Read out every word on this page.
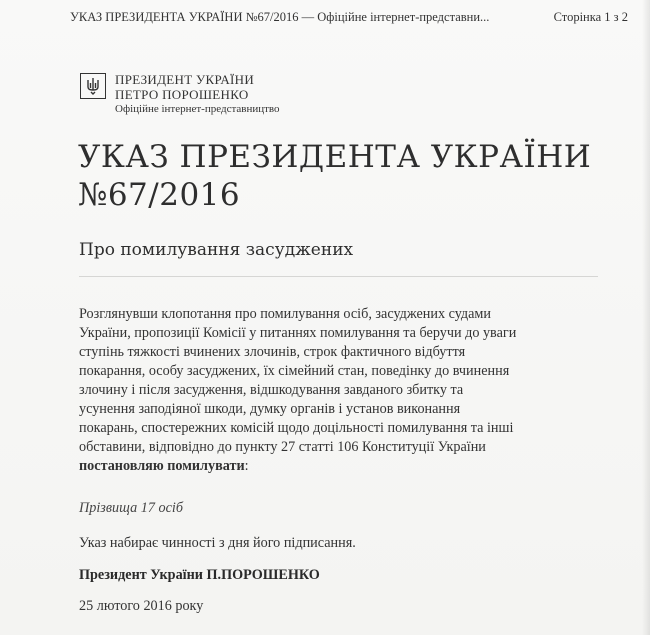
УКАЗ ПРЕЗИДЕНТА УКРАЇНИ №67/2016 — Офіційне інтернет-представни...	Сторінка 1 з 2
ПРЕЗИДЕНТ УКРАЇНИ
ПЕТРО ПОРОШЕНКО
Офіційне інтернет-представництво
УКАЗ ПРЕЗИДЕНТА УКРАЇНИ
№67/2016
Про помилування засуджених
Розглянувши клопотання про помилування осіб, засуджених судами
України, пропозиції Комісії у питаннях помилування та беручи до уваги
ступінь тяжкості вчинених злочинів, строк фактичного відбуття
покарання, особу засуджених, їх сімейний стан, поведінку до вчинення
злочину і після засудження, відшкодування завданого збитку та
усунення заподіяної шкоди, думку органів і установ виконання
покарань, спостережних комісій щодо доцільності помилування та інші
обставини, відповідно до пункту 27 статті 106 Конституції України
постановляю помилувати:
Прізвища 17 осіб
Указ набирає чинності з дня його підписання.
Президент України П.ПОРОШЕНКО
25 лютого 2016 року
